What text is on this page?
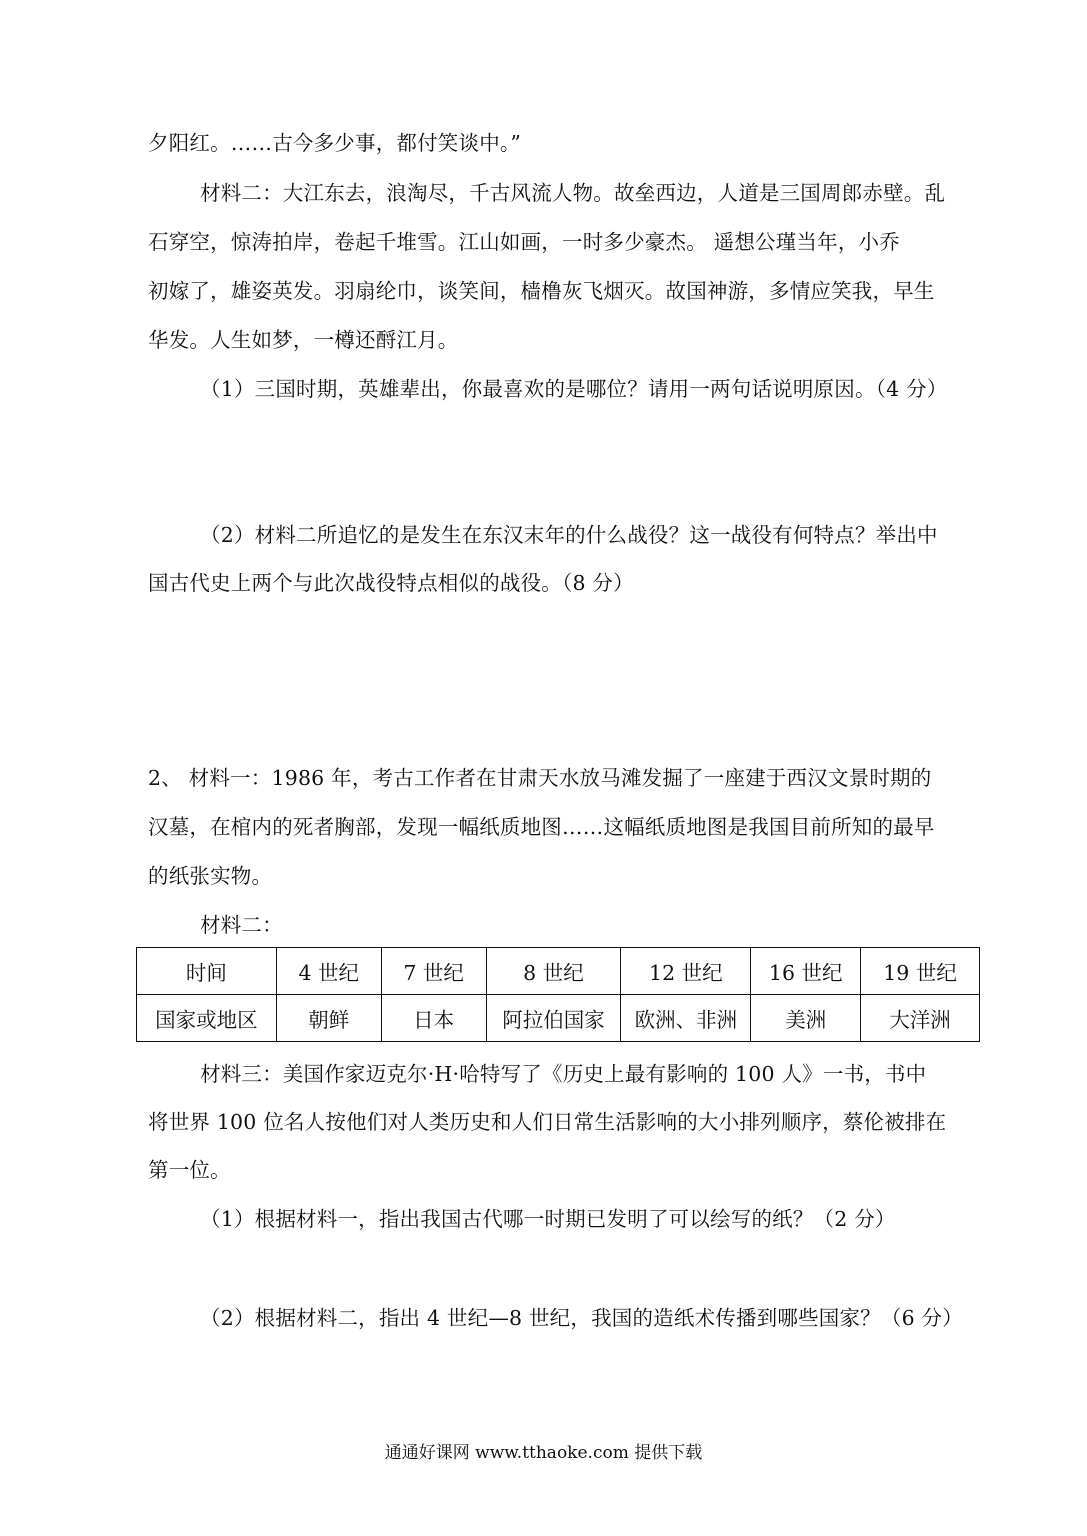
夕阳红。……古今多少事，都付笑谈中。”
材料二：大江东去，浪淘尽，千古风流人物。故垒西边，人道是三国周郎赤壁。乱
石穿空，惊涛拍岸，卷起千堆雪。江山如画，一时多少豪杰。 遥想公瑾当年，小乔
初嫁了，雄姿英发。羽扇纶巾，谈笑间，樯橹灰飞烟灭。故国神游，多情应笑我，早生
华发。人生如梦，一樽还酹江月。
（1）三国时期，英雄辈出，你最喜欢的是哪位？请用一两句话说明原因。（4 分）
（2）材料二所追忆的是发生在东汉末年的什么战役？这一战役有何特点？举出中
国古代史上两个与此次战役特点相似的战役。（8 分）
2、 材料一：1986 年，考古工作者在甘肃天水放马滩发掘了一座建于西汉文景时期的
汉墓，在棺内的死者胸部，发现一幅纸质地图……这幅纸质地图是我国目前所知的最早
的纸张实物。
材料二：
时间	4 世纪	7 世纪	8 世纪	12 世纪	16 世纪	19 世纪
国家或地区	朝鲜	日本	阿拉伯国家	欧洲、非洲	美洲	大洋洲
材料三：美国作家迈克尔·H·哈特写了《历史上最有影响的 100 人》一书，书中
将世界 100 位名人按他们对人类历史和人们日常生活影响的大小排列顺序，蔡伦被排在
第一位。
（1）根据材料一，指出我国古代哪一时期已发明了可以绘写的纸？（2 分）
（2）根据材料二，指出 4 世纪—8 世纪，我国的造纸术传播到哪些国家？（6 分）
通通好课网 www.tthaoke.com 提供下载
